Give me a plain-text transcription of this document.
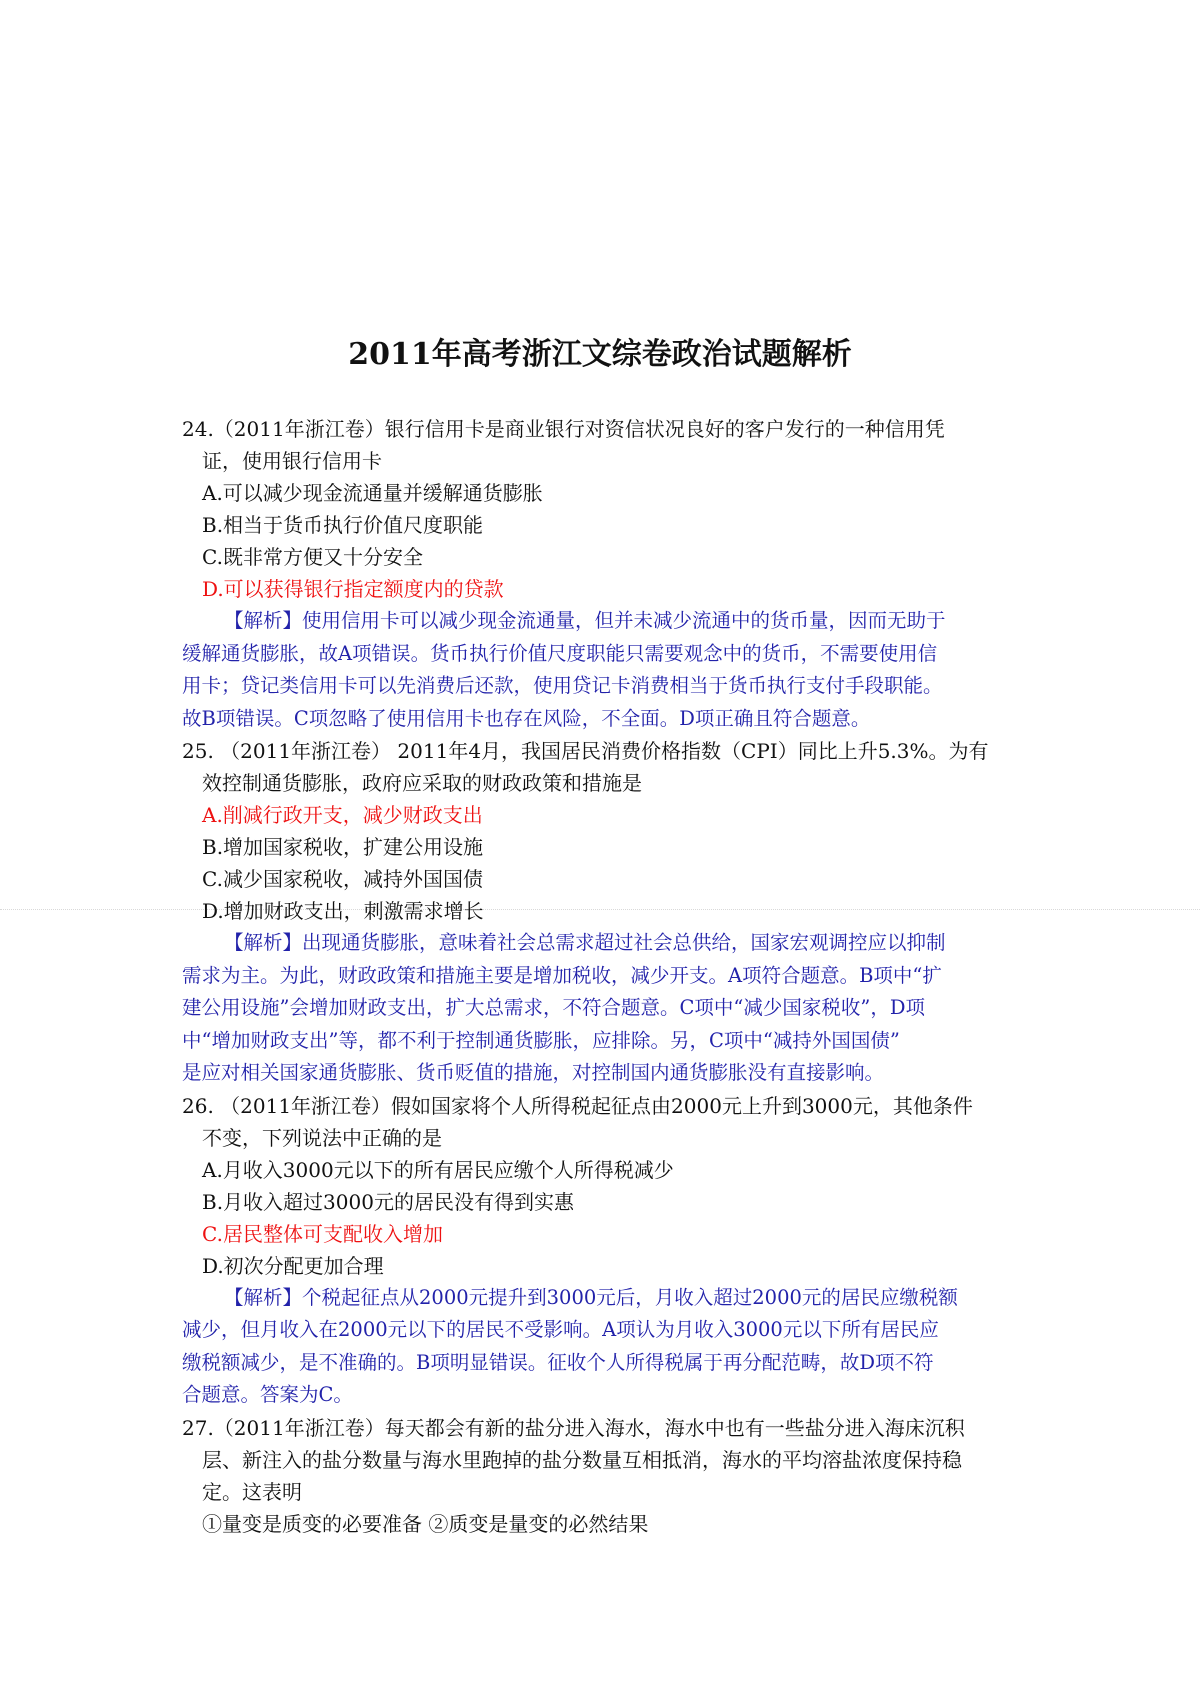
2011年高考浙江文综卷政治试题解析
24.（2011年浙江卷）银行信用卡是商业银行对资信状况良好的客户发行的一种信用凭
证，使用银行信用卡
A.可以减少现金流通量并缓解通货膨胀
B.相当于货币执行价值尺度职能
C.既非常方便又十分安全
D.可以获得银行指定额度内的贷款
【解析】使用信用卡可以减少现金流通量，但并未减少流通中的货币量，因而无助于
缓解通货膨胀，故A项错误。货币执行价值尺度职能只需要观念中的货币，不需要使用信
用卡；贷记类信用卡可以先消费后还款，使用贷记卡消费相当于货币执行支付手段职能。
故B项错误。C项忽略了使用信用卡也存在风险，不全面。D项正确且符合题意。
25. （2011年浙江卷） 2011年4月，我国居民消费价格指数（CPI）同比上升5.3%。为有
效控制通货膨胀，政府应采取的财政政策和措施是
A.削减行政开支，减少财政支出
B.增加国家税收，扩建公用设施
C.减少国家税收，减持外国国债
D.增加财政支出，刺激需求增长
【解析】出现通货膨胀，意味着社会总需求超过社会总供给，国家宏观调控应以抑制
需求为主。为此，财政政策和措施主要是增加税收，减少开支。A项符合题意。B项中“扩
建公用设施”会增加财政支出，扩大总需求，不符合题意。C项中“减少国家税收”，D项
中“增加财政支出”等，都不利于控制通货膨胀，应排除。另，C项中“减持外国国债”
是应对相关国家通货膨胀、货币贬值的措施，对控制国内通货膨胀没有直接影响。
26. （2011年浙江卷）假如国家将个人所得税起征点由2000元上升到3000元，其他条件
不变，下列说法中正确的是
A.月收入3000元以下的所有居民应缴个人所得税减少
B.月收入超过3000元的居民没有得到实惠
C.居民整体可支配收入增加
D.初次分配更加合理
【解析】个税起征点从2000元提升到3000元后，月收入超过2000元的居民应缴税额
减少，但月收入在2000元以下的居民不受影响。A项认为月收入3000元以下所有居民应
缴税额减少，是不准确的。B项明显错误。征收个人所得税属于再分配范畴，故D项不符
合题意。答案为C。
27.（2011年浙江卷）每天都会有新的盐分进入海水，海水中也有一些盐分进入海床沉积
层、新注入的盐分数量与海水里跑掉的盐分数量互相抵消，海水的平均溶盐浓度保持稳
定。这表明
①量变是质变的必要准备 ②质变是量变的必然结果
